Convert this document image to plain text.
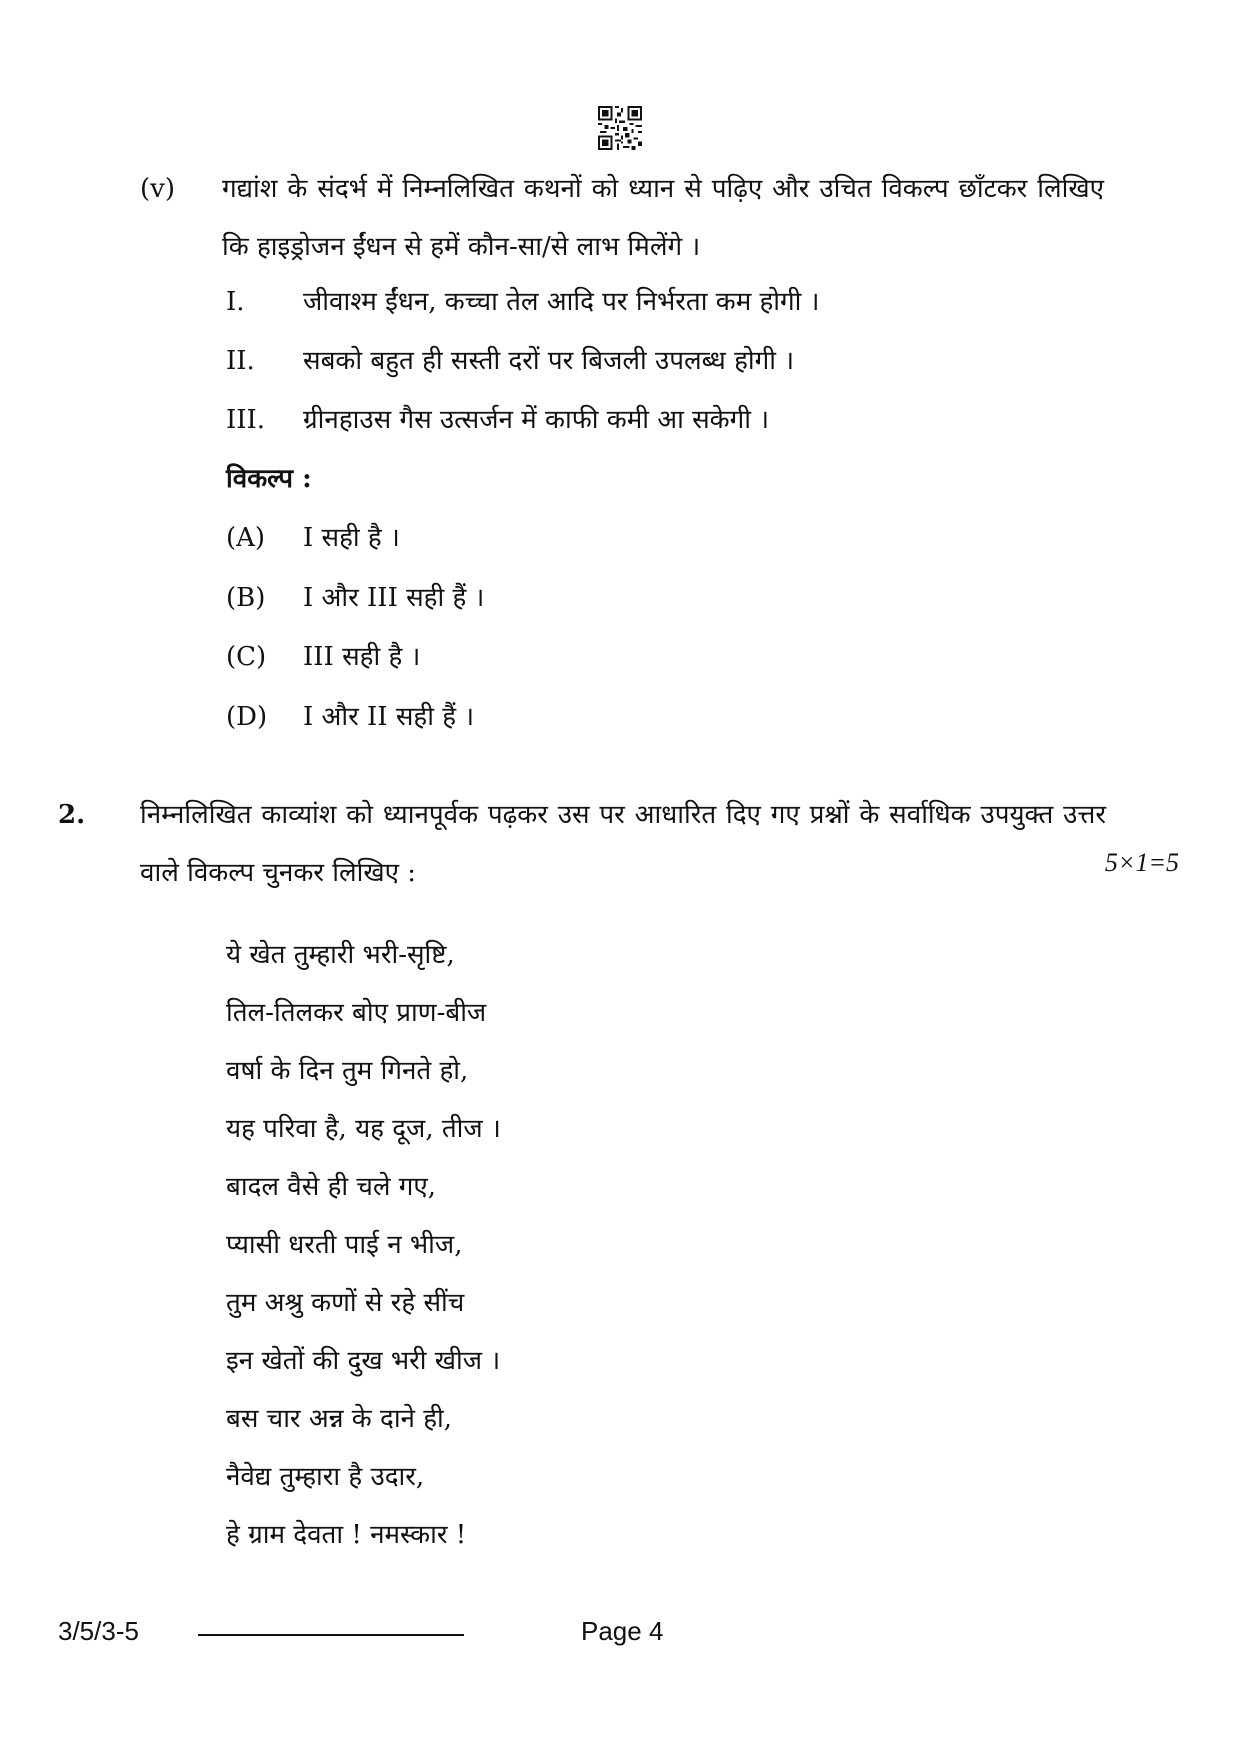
(v) गद्यांश के संदर्भ में निम्नलिखित कथनों को ध्यान से पढ़िए और उचित विकल्प छाँटकर लिखिए कि हाइड्रोजन ईंधन से हमें कौन-सा/से लाभ मिलेंगे ।

I. जीवाश्म ईंधन, कच्चा तेल आदि पर निर्भरता कम होगी ।
II. सबको बहुत ही सस्ती दरों पर बिजली उपलब्ध होगी ।
III. ग्रीनहाउस गैस उत्सर्जन में काफी कमी आ सकेगी ।
विकल्प :
(A) I सही है ।
(B) I और III सही हैं ।
(C) III सही है ।
(D) I और II सही हैं ।
2. निम्नलिखित काव्यांश को ध्यानपूर्वक पढ़कर उस पर आधारित दिए गए प्रश्नों के सर्वाधिक उपयुक्त उत्तर वाले विकल्प चुनकर लिखिए :	5×1=5
ये खेत तुम्हारी भरी-सृष्टि,
तिल-तिलकर बोए प्राण-बीज
वर्षा के दिन तुम गिनते हो,
यह परिवा है, यह दूज, तीज ।
बादल वैसे ही चले गए,
प्यासी धरती पाई न भीज,
तुम अश्रु कणों से रहे सींच
इन खेतों की दुख भरी खीज ।
बस चार अन्न के दाने ही,
नैवेद्य तुम्हारा है उदार,
हे ग्राम देवता ! नमस्कार !
3/5/3-5	Page 4
